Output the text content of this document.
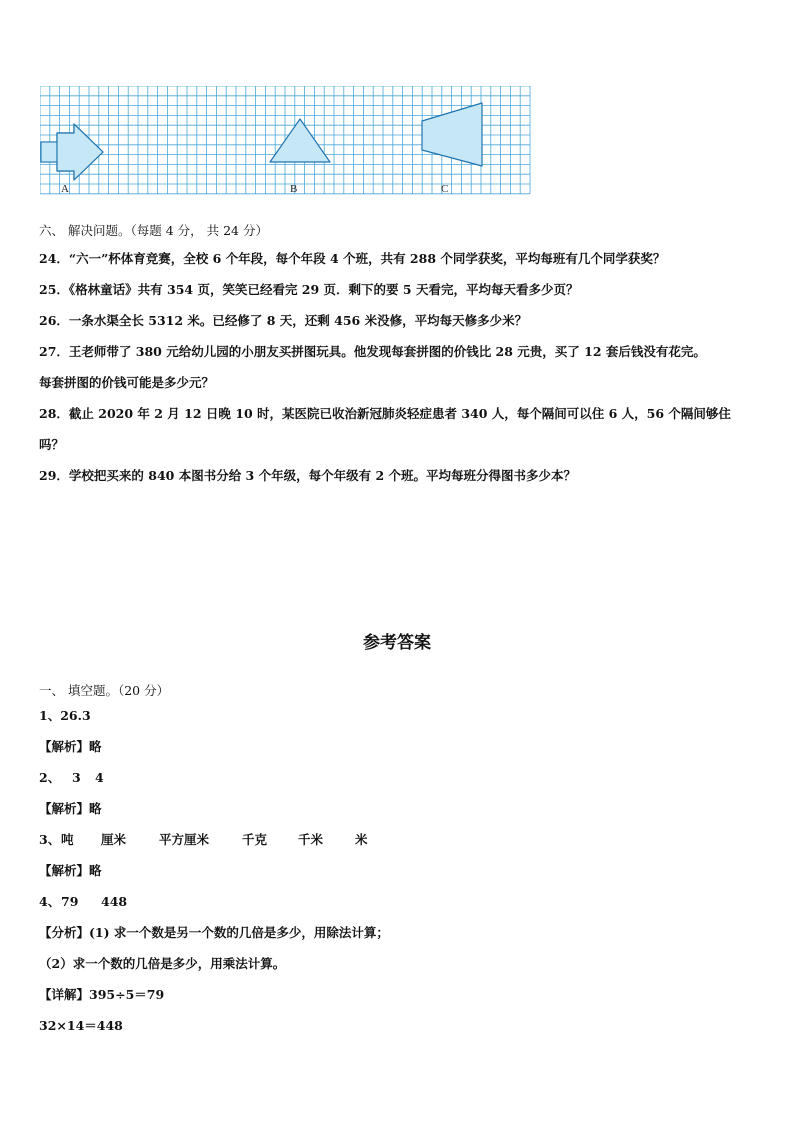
A	B	C
六、 解决问题。（每题 4 分， 共 24 分）
24．“六一”杯体育竞赛，全校 6 个年段，每个年段 4 个班，共有 288 个同学获奖，平均每班有几个同学获奖？
25．《格林童话》共有 354 页，笑笑已经看完 29 页．剩下的要 5 天看完，平均每天看多少页？
26．一条水渠全长 5312 米。已经修了 8 天，还剩 456 米没修，平均每天修多少米？
27．王老师带了 380 元给幼儿园的小朋友买拼图玩具。他发现每套拼图的价钱比 28 元贵，买了 12 套后钱没有花完。
每套拼图的价钱可能是多少元？
28．截止 2020 年 2 月 12 日晚 10 时，某医院已收治新冠肺炎轻症患者 340 人，每个隔间可以住 6 人，56 个隔间够住
吗？
29．学校把买来的 840 本图书分给 3 个年级，每个年级有 2 个班。平均每班分得图书多少本？
参考答案
一、 填空题。（20 分）
1、26.3
【解析】略
2、 3 4
【解析】略
3、吨 厘米	平方厘米	千克 千米	米
【解析】略
4、79 448
【分析】(1) 求一个数是另一个数的几倍是多少，用除法计算；
（2）求一个数的几倍是多少，用乘法计算。
【详解】395÷5＝79
32×14＝448
